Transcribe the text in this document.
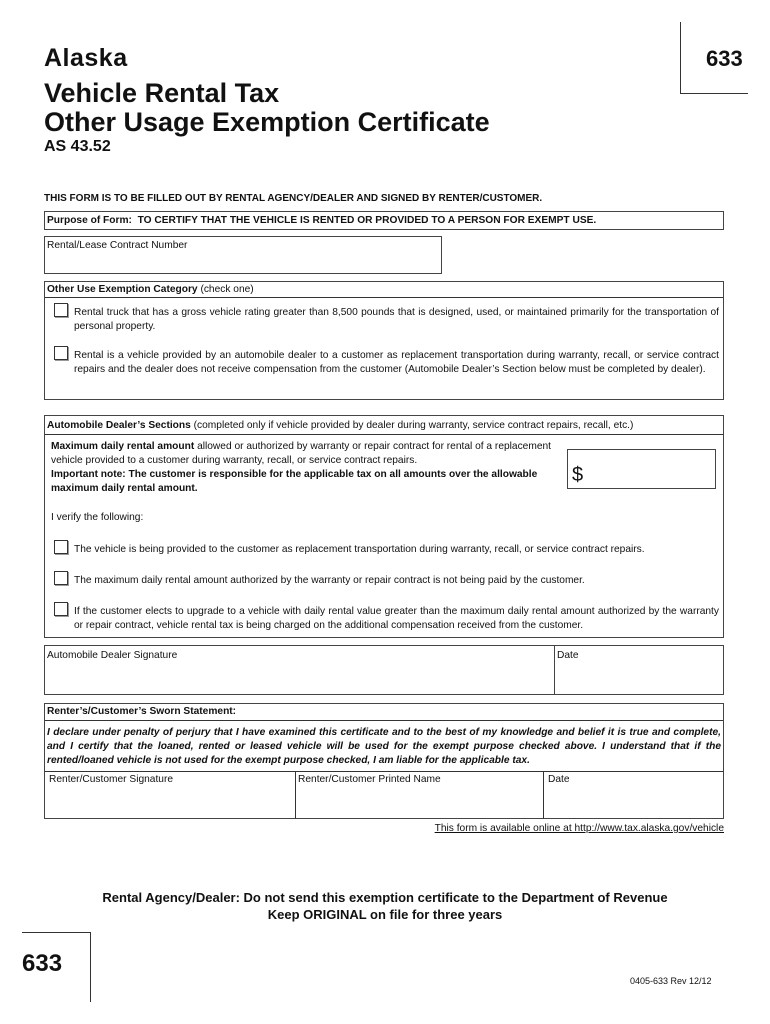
Alaska
Vehicle Rental Tax
Other Usage Exemption Certificate
AS 43.52
633
THIS FORM IS TO BE FILLED OUT BY RENTAL AGENCY/DEALER AND SIGNED BY RENTER/CUSTOMER.
Purpose of Form: TO CERTIFY THAT THE VEHICLE IS RENTED OR PROVIDED TO A PERSON FOR EXEMPT USE.
Rental/Lease Contract Number
Other Use Exemption Category (check one)
Rental truck that has a gross vehicle rating greater than 8,500 pounds that is designed, used, or maintained primarily for the transportation of personal property.
Rental is a vehicle provided by an automobile dealer to a customer as replacement transportation during warranty, recall, or service contract repairs and the dealer does not receive compensation from the customer (Automobile Dealer’s Section below must be completed by dealer).
Automobile Dealer’s Sections (completed only if vehicle provided by dealer during warranty, service contract repairs, recall, etc.)
Maximum daily rental amount allowed or authorized by warranty or repair contract for rental of a replacement vehicle provided to a customer during warranty, recall, or service contract repairs.
Important note: The customer is responsible for the applicable tax on all amounts over the allowable maximum daily rental amount.
$
I verify the following:
The vehicle is being provided to the customer as replacement transportation during warranty, recall, or service contract repairs.
The maximum daily rental amount authorized by the warranty or repair contract is not being paid by the customer.
If the customer elects to upgrade to a vehicle with daily rental value greater than the maximum daily rental amount authorized by the warranty or repair contract, vehicle rental tax is being charged on the additional compensation received from the customer.
Automobile Dealer Signature	Date
Renter’s/Customer’s Sworn Statement:
I declare under penalty of perjury that I have examined this certificate and to the best of my knowledge and belief it is true and complete, and I certify that the loaned, rented or leased vehicle will be used for the exempt purpose checked above. I understand that if the rented/loaned vehicle is not used for the exempt purpose checked, I am liable for the applicable tax.
Renter/Customer Signature	Renter/Customer Printed Name	Date
This form is available online at http://www.tax.alaska.gov/vehicle
Rental Agency/Dealer: Do not send this exemption certificate to the Department of Revenue
Keep ORIGINAL on file for three years
633
0405-633 Rev 12/12
